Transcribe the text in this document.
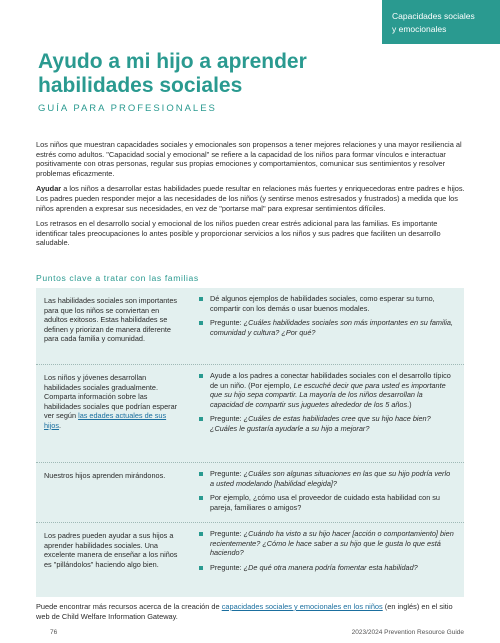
Capacidades sociales
y emocionales
Ayudo a mi hijo a aprender habilidades sociales
GUÍA PARA PROFESIONALES

Los niños que muestran capacidades sociales y emocionales son propensos a tener mejores relaciones y una mayor resiliencia al estrés como adultos. "Capacidad social y emocional" se refiere a la capacidad de los niños para formar vínculos e interactuar positivamente con otras personas, regular sus propias emociones y comportamientos, comunicar sus sentimientos y resolver problemas eficazmente.

Ayudar a los niños a desarrollar estas habilidades puede resultar en relaciones más fuertes y enriquecedoras entre padres e hijos. Los padres pueden responder mejor a las necesidades de los niños (y sentirse menos estresados y frustrados) a medida que los niños aprenden a expresar sus necesidades, en vez de "portarse mal" para expresar sentimientos difíciles.

Los retrasos en el desarrollo social y emocional de los niños pueden crear estrés adicional para las familias. Es importante identificar tales preocupaciones lo antes posible y proporcionar servicios a los niños y sus padres que faciliten un desarrollo saludable.

Puntos clave a tratar con las familias
Las habilidades sociales son importantes para que los niños se conviertan en adultos exitosos. Estas habilidades se definen y priorizan de manera diferente para cada familia y comunidad.
Dé algunos ejemplos de habilidades sociales, como esperar su turno, compartir con los demás o usar buenos modales.
Pregunte: ¿Cuáles habilidades sociales son más importantes en su familia, comunidad y cultura? ¿Por qué?
Los niños y jóvenes desarrollan habilidades sociales gradualmente. Comparta información sobre las habilidades sociales que podrían esperar ver según las edades actuales de sus hijos.
Ayude a los padres a conectar habilidades sociales con el desarrollo típico de un niño. (Por ejemplo, Le escuché decir que para usted es importante que su hijo sepa compartir. La mayoría de los niños desarrollan la capacidad de compartir sus juguetes alrededor de los 5 años.)
Pregunte: ¿Cuáles de estas habilidades cree que su hijo hace bien? ¿Cuáles le gustaría ayudarle a su hijo a mejorar?
Nuestros hijos aprenden mirándonos.	Pregunte: ¿Cuáles son algunas situaciones en las que su hijo podría verlo a usted modelando [habilidad elegida]?
Por ejemplo, ¿cómo usa el proveedor de cuidado esta habilidad con su pareja, familiares o amigos?
Los padres pueden ayudar a sus hijos a aprender habilidades sociales. Una excelente manera de enseñar a los niños es "pillándolos" haciendo algo bien.
Pregunte: ¿Cuándo ha visto a su hijo hacer [acción o comportamiento] bien recientemente? ¿Cómo le hace saber a su hijo que le gusta lo que está haciendo?
Pregunte: ¿De qué otra manera podría fomentar esta habilidad?
Puede encontrar más recursos acerca de la creación de capacidades sociales y emocionales en los niños (en inglés) en el sitio web de Child Welfare Information Gateway.
76	2023/2024 Prevention Resource Guide
